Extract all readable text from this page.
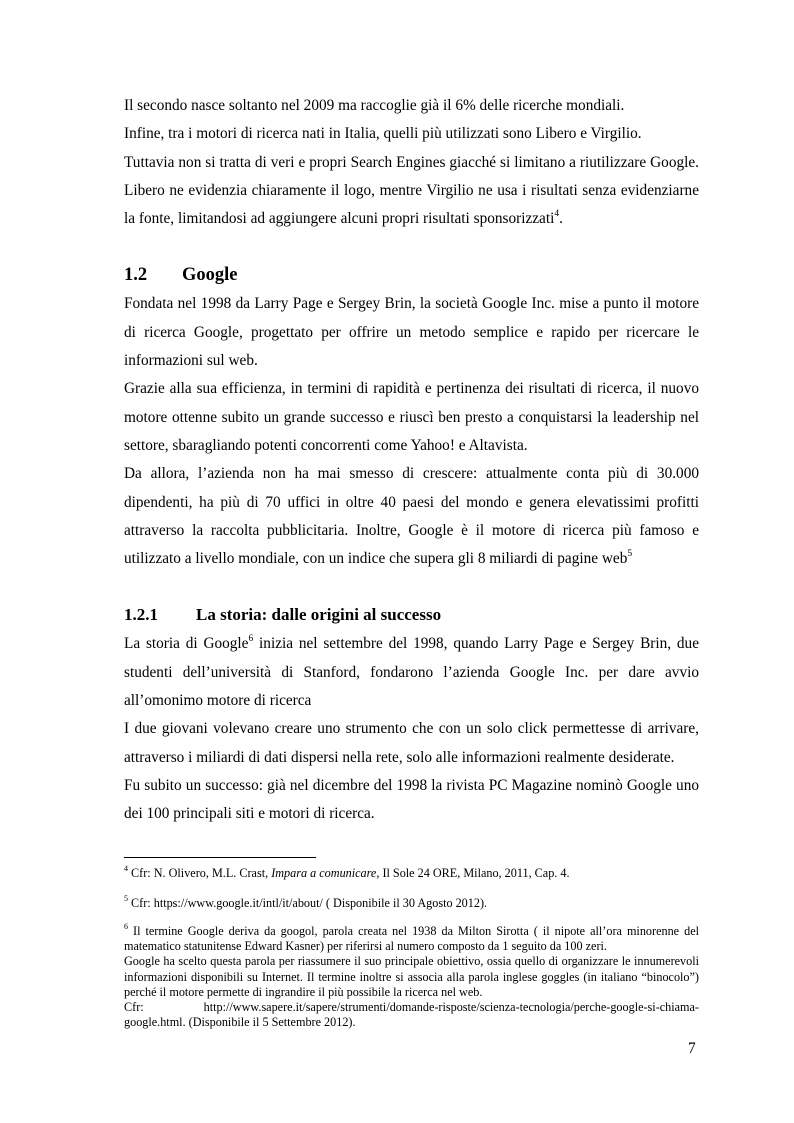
Il secondo nasce soltanto nel 2009 ma raccoglie già il 6% delle ricerche mondiali.

Infine, tra i motori di ricerca nati in Italia, quelli più utilizzati sono Libero e Virgilio.

Tuttavia non si tratta di veri e propri Search Engines giacché si limitano a riutilizzare Google. Libero ne evidenzia chiaramente il logo, mentre Virgilio ne usa i risultati senza evidenziarne la fonte, limitandosi ad aggiungere alcuni propri risultati sponsorizzati$^4$.

1.2 Google

Fondata nel 1998 da Larry Page e Sergey Brin, la società Google Inc. mise a punto il motore di ricerca Google, progettato per offrire un metodo semplice e rapido per ricercare le informazioni sul web.

Grazie alla sua efficienza, in termini di rapidità e pertinenza dei risultati di ricerca, il nuovo motore ottenne subito un grande successo e riuscì ben presto a conquistarsi la leadership nel settore, sbaragliando potenti concorrenti come Yahoo! e Altavista.

Da allora, l’azienda non ha mai smesso di crescere: attualmente conta più di 30.000 dipendenti, ha più di 70 uffici in oltre 40 paesi del mondo e genera elevatissimi profitti attraverso la raccolta pubblicitaria. Inoltre, Google è il motore di ricerca più famoso e utilizzato a livello mondiale, con un indice che supera gli 8 miliardi di pagine web$^5$

1.2.1 La storia: dalle origini al successo

La storia di Google$^6$ inizia nel settembre del 1998, quando Larry Page e Sergey Brin, due studenti dell’università di Stanford, fondarono l’azienda Google Inc. per dare avvio all’omonimo motore di ricerca

I due giovani volevano creare uno strumento che con un solo click permettesse di arrivare, attraverso i miliardi di dati dispersi nella rete, solo alle informazioni realmente desiderate.

Fu subito un successo: già nel dicembre del 1998 la rivista PC Magazine nominò Google uno dei 100 principali siti e motori di ricerca.

$^4$ Cfr: N. Olivero, M.L. Crast, Impara a comunicare, Il Sole 24 ORE, Milano, 2011, Cap. 4.

$^5$ Cfr: https://www.google.it/intl/it/about/ ( Disponibile il 30 Agosto 2012).

$^6$ Il termine Google deriva da googol, parola creata nel 1938 da Milton Sirotta ( il nipote all’ora minorenne del matematico statunitense Edward Kasner) per riferirsi al numero composto da 1 seguito da 100 zeri.
Google ha scelto questa parola per riassumere il suo principale obiettivo, ossia quello di organizzare le innumerevoli informazioni disponibili su Internet. Il termine inoltre si associa alla parola inglese goggles (in italiano “binocolo”) perché il motore permette di ingrandire il più possibile la ricerca nel web.
Cfr: http://www.sapere.it/sapere/strumenti/domande-risposte/scienza-tecnologia/perche-google-si-chiama-google.html. (Disponibile il 5 Settembre 2012).
7
